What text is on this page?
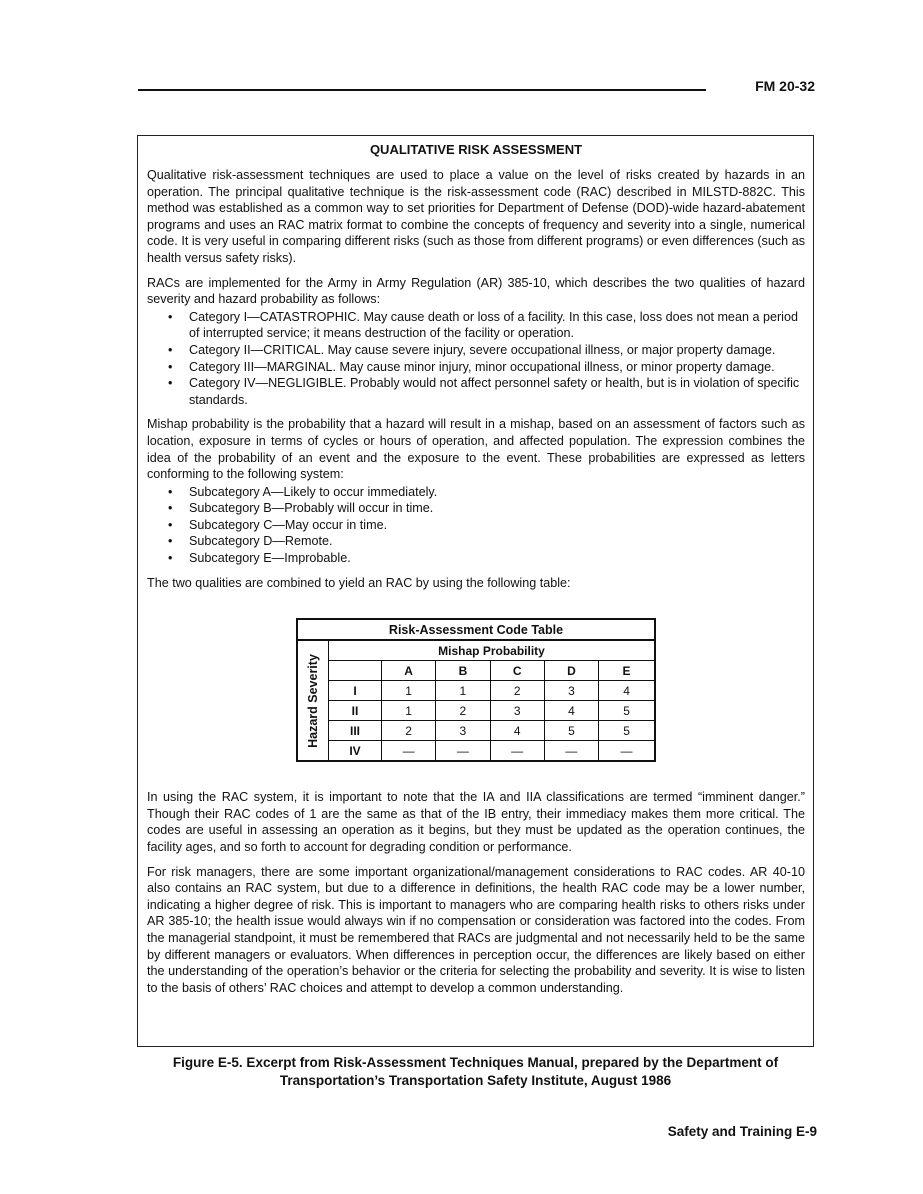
FM 20-32
QUALITATIVE RISK ASSESSMENT

Qualitative risk-assessment techniques are used to place a value on the level of risks created by hazards in an operation. The principal qualitative technique is the risk-assessment code (RAC) described in MILSTD-882C. This method was established as a common way to set priorities for Department of Defense (DOD)-wide hazard-abatement programs and uses an RAC matrix format to combine the concepts of frequency and severity into a single, numerical code. It is very useful in comparing different risks (such as those from different programs) or even differences (such as health versus safety risks).

RACs are implemented for the Army in Army Regulation (AR) 385-10, which describes the two qualities of hazard severity and hazard probability as follows:

• Category I—CATASTROPHIC. May cause death or loss of a facility. In this case, loss does not mean a period of interrupted service; it means destruction of the facility or operation.
• Category II—CRITICAL. May cause severe injury, severe occupational illness, or major property damage.
• Category III—MARGINAL. May cause minor injury, minor occupational illness, or minor property damage.
• Category IV—NEGLIGIBLE. Probably would not affect personnel safety or health, but is in violation of specific standards.

Mishap probability is the probability that a hazard will result in a mishap, based on an assessment of factors such as location, exposure in terms of cycles or hours of operation, and affected population. The expression combines the idea of the probability of an event and the exposure to the event. These probabilities are expressed as letters conforming to the following system:

• Subcategory A—Likely to occur immediately.
• Subcategory B—Probably will occur in time.
• Subcategory C—May occur in time.
• Subcategory D—Remote.
• Subcategory E—Improbable.

The two qualities are combined to yield an RAC by using the following table:

Risk-Assessment Code Table						

Hazard Severity	Mishap Probability					
		A	B	C	D	E
	I	1	1	2	3	4
	II	1	2	3	4	5
	III	2	3	4	5	5
	IV	—	—	—	—	—

In using the RAC system, it is important to note that the IA and IIA classifications are termed “imminent danger.” Though their RAC codes of 1 are the same as that of the IB entry, their immediacy makes them more critical. The codes are useful in assessing an operation as it begins, but they must be updated as the operation continues, the facility ages, and so forth to account for degrading condition or performance.

For risk managers, there are some important organizational/management considerations to RAC codes. AR 40-10 also contains an RAC system, but due to a difference in definitions, the health RAC code may be a lower number, indicating a higher degree of risk. This is important to managers who are comparing health risks to others risks under AR 385-10; the health issue would always win if no compensation or consideration was factored into the codes. From the managerial standpoint, it must be remembered that RACs are judgmental and not necessarily held to be the same by different managers or evaluators. When differences in perception occur, the differences are likely based on either the understanding of the operation’s behavior or the criteria for selecting the probability and severity. It is wise to listen to the basis of others’ RAC choices and attempt to develop a common understanding.

Figure E-5. Excerpt from Risk-Assessment Techniques Manual, prepared by the Department of
Transportation’s Transportation Safety Institute, August 1986
Safety and Training E-9
